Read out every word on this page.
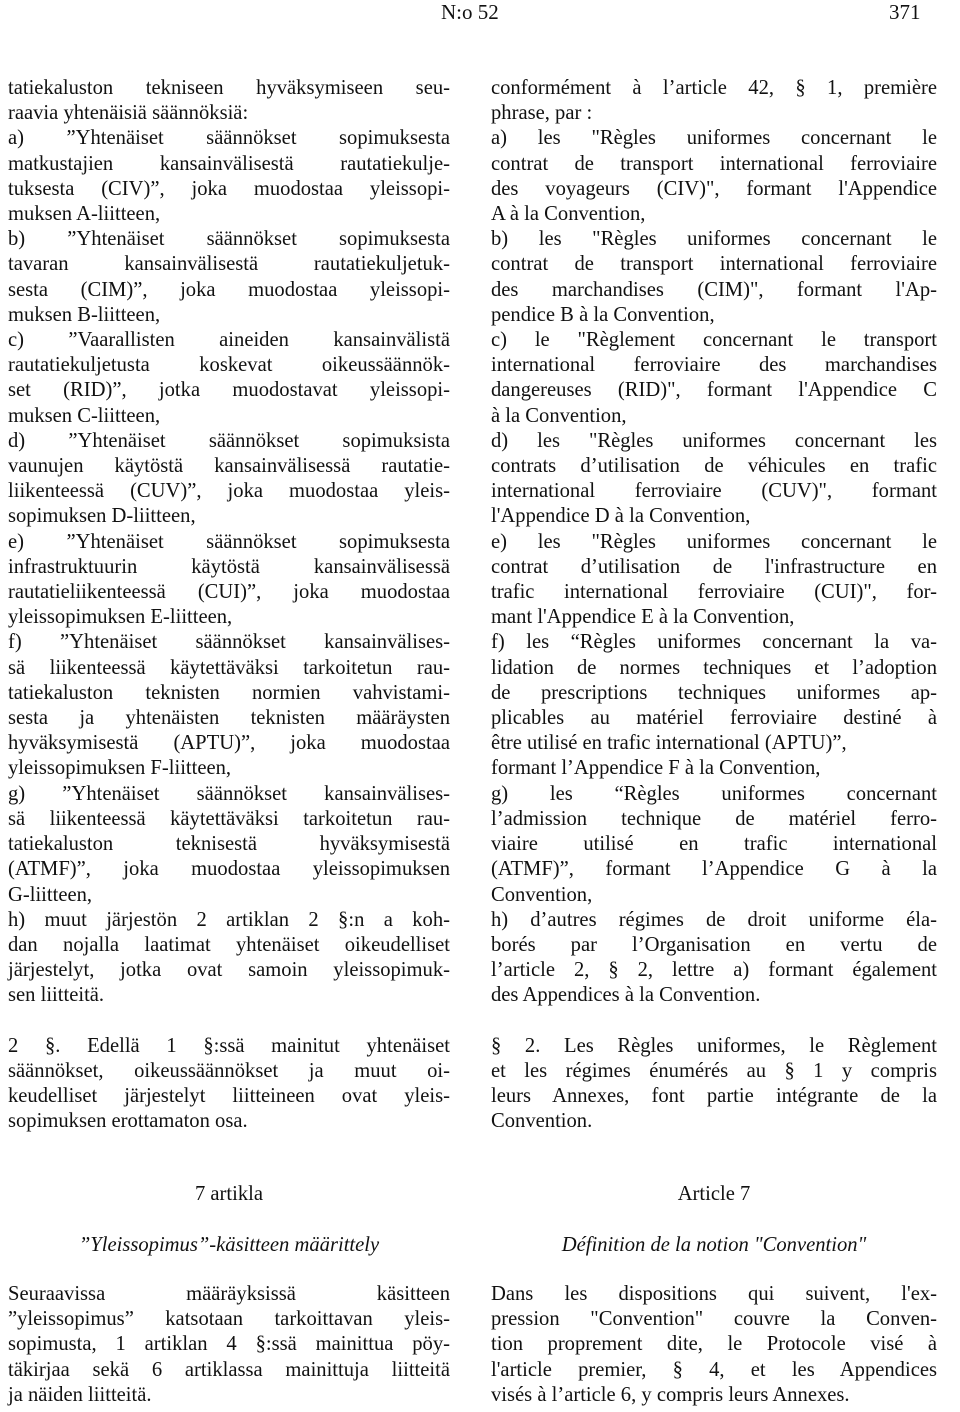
N:o 52	371
tatiekaluston tekniseen hyväksymiseen seu-
raavia yhtenäisiä säännöksiä:
a) ”Yhtenäiset säännökset sopimuksesta
matkustajien kansainvälisestä rautatiekulje-
tuksesta (CIV)”, joka muodostaa yleissopi-
muksen A-liitteen,
b) ”Yhtenäiset säännökset sopimuksesta
tavaran kansainvälisestä rautatiekuljetuk-
sesta (CIM)”, joka muodostaa yleissopi-
muksen B-liitteen,
c) ”Vaarallisten aineiden kansainvälistä
rautatiekuljetusta koskevat oikeussäännök-
set (RID)”, jotka muodostavat yleissopi-
muksen C-liitteen,
d) ”Yhtenäiset säännökset sopimuksista
vaunujen käytöstä kansainvälisessä rautatie-
liikenteessä (CUV)”, joka muodostaa yleis-
sopimuksen D-liitteen,
e) ”Yhtenäiset säännökset sopimuksesta
infrastruktuurin käytöstä kansainvälisessä
rautatieliikenteessä (CUI)”, joka muodostaa
yleissopimuksen E-liitteen,
f) ”Yhtenäiset säännökset kansainvälises-
sä liikenteessä käytettäväksi tarkoitetun rau-
tatiekaluston teknisten normien vahvistami-
sesta ja yhtenäisten teknisten määräysten
hyväksymisestä (APTU)”, joka muodostaa
yleissopimuksen F-liitteen,
g) ”Yhtenäiset säännökset kansainvälises-
sä liikenteessä käytettäväksi tarkoitetun rau-
tatiekaluston teknisestä hyväksymisestä
(ATMF)”, joka muodostaa yleissopimuksen
G-liitteen,
h) muut järjestön 2 artiklan 2 §:n a koh-
dan nojalla laatimat yhtenäiset oikeudelliset
järjestelyt, jotka ovat samoin yleissopimuk-
sen liitteitä.
2 §. Edellä 1 §:ssä mainitut yhtenäiset
säännökset, oikeussäännökset ja muut oi-
keudelliset järjestelyt liitteineen ovat yleis-
sopimuksen erottamaton osa.
conformément à l’article 42, § 1, première
phrase, par :
a) les "Règles uniformes concernant le
contrat de transport international ferroviaire
des voyageurs (CIV)", formant l'Appendice
A à la Convention,
b) les "Règles uniformes concernant le
contrat de transport international ferroviaire
des marchandises (CIM)", formant l'Ap-
pendice B à la Convention,
c) le "Règlement concernant le transport
international ferroviaire des marchandises
dangereuses (RID)", formant l'Appendice C
à la Convention,
d) les "Règles uniformes concernant les
contrats d’utilisation de véhicules en trafic
international ferroviaire (CUV)", formant
l'Appendice D à la Convention,
e) les "Règles uniformes concernant le
contrat d’utilisation de l'infrastructure en
trafic international ferroviaire (CUI)", for-
mant l'Appendice E à la Convention,
f) les “Règles uniformes concernant la va-
lidation de normes techniques et l’adoption
de prescriptions techniques uniformes ap-
plicables au matériel ferroviaire destiné à
être utilisé en trafic international (APTU)”,
formant l’Appendice F à la Convention,
g) les “Règles uniformes concernant
l’admission technique de matériel ferro-
viaire utilisé en trafic international
(ATMF)”, formant l’Appendice G à la
Convention,
h) d’autres régimes de droit uniforme éla-
borés par l’Organisation en vertu de
l’article 2, § 2, lettre a) formant également
des Appendices à la Convention.
§ 2. Les Règles uniformes, le Règlement
et les régimes énumérés au § 1 y compris
leurs Annexes, font partie intégrante de la
Convention.
7 artikla
”Yleissopimus”-käsitteen määrittely
Article 7
Définition de la notion "Convention"
Seuraavissa määräyksissä käsitteen
”yleissopimus” katsotaan tarkoittavan yleis-
sopimusta, 1 artiklan 4 §:ssä mainittua pöy-
täkirjaa sekä 6 artiklassa mainittuja liitteitä
ja näiden liitteitä.
Dans les dispositions qui suivent, l'ex-
pression "Convention" couvre la Conven-
tion proprement dite, le Protocole visé à
l'article premier, § 4, et les Appendices
visés à l’article 6, y compris leurs Annexes.
